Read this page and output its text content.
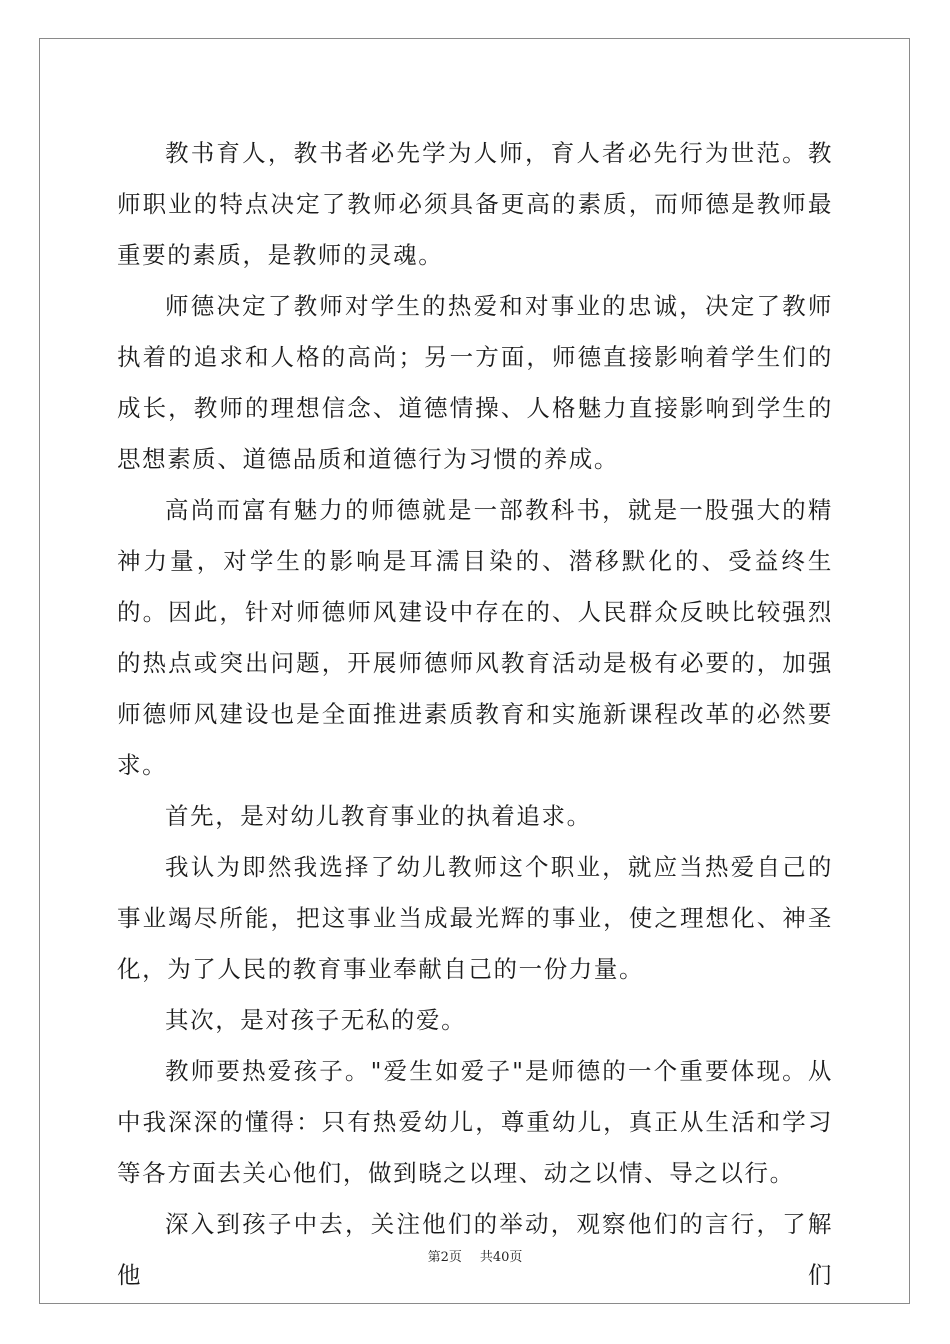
教书育人，教书者必先学为人师，育人者必先行为世范。教师职业的特点决定了教师必须具备更高的素质，而师德是教师最重要的素质，是教师的灵魂。

师德决定了教师对学生的热爱和对事业的忠诚，决定了教师执着的追求和人格的高尚；另一方面，师德直接影响着学生们的成长，教师的理想信念、道德情操、人格魅力直接影响到学生的思想素质、道德品质和道德行为习惯的养成。

高尚而富有魅力的师德就是一部教科书，就是一股强大的精神力量，对学生的影响是耳濡目染的、潜移默化的、受益终生的。因此，针对师德师风建设中存在的、人民群众反映比较强烈的热点或突出问题，开展师德师风教育活动是极有必要的，加强师德师风建设也是全面推进素质教育和实施新课程改革的必然要求。

首先，是对幼儿教育事业的执着追求。

我认为即然我选择了幼儿教师这个职业，就应当热爱自己的事业竭尽所能，把这事业当成最光辉的事业，使之理想化、神圣化，为了人民的教育事业奉献自己的一份力量。

其次，是对孩子无私的爱。

教师要热爱孩子。"爱生如爱子"是师德的一个重要体现。从中我深深的懂得：只有热爱幼儿，尊重幼儿，真正从生活和学习等各方面去关心他们，做到晓之以理、动之以情、导之以行。

深入到孩子中去，关注他们的举动，观察他们的言行，了解他们

第2页 共40页
